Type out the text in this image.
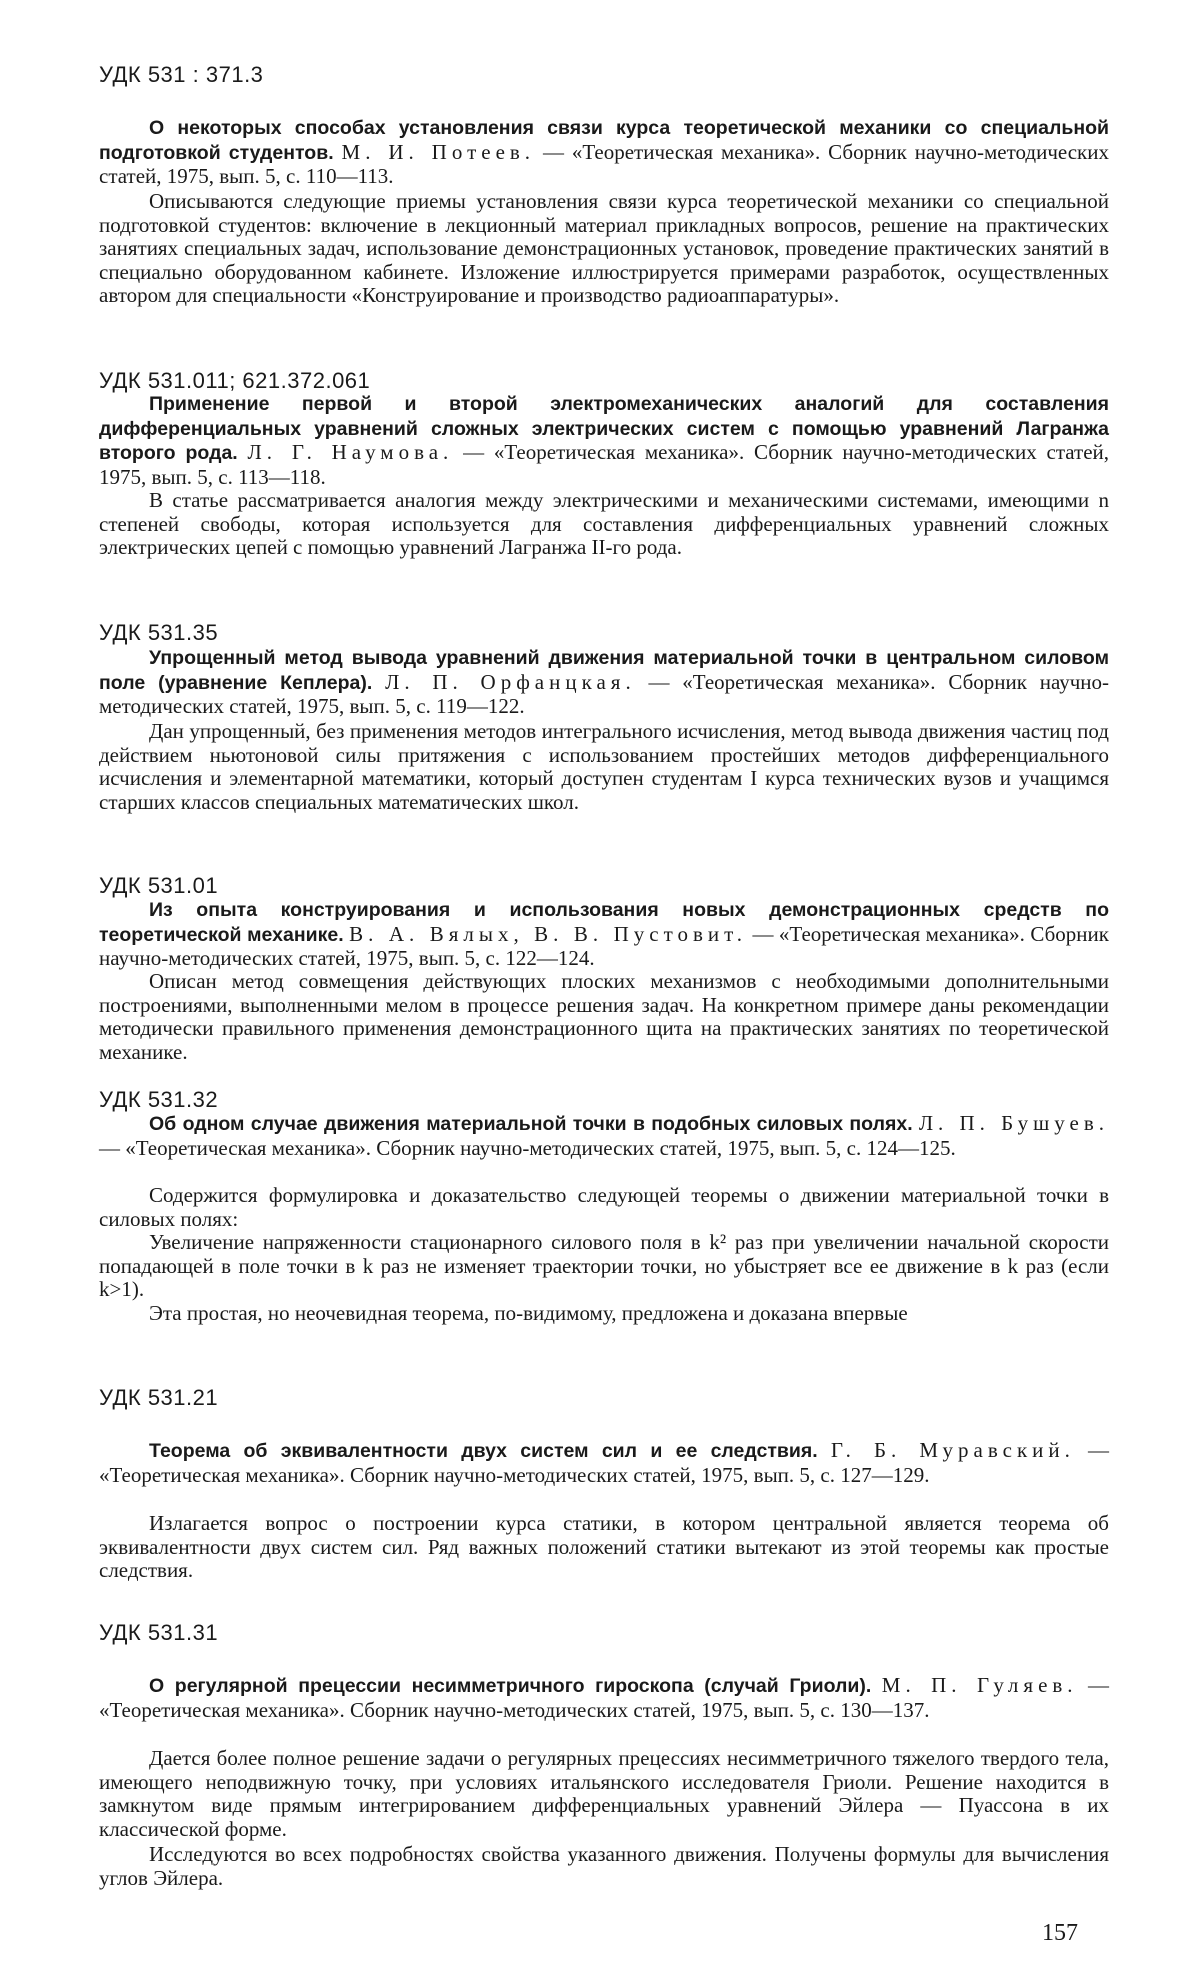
УДК 531 : 371.3
О некоторых способах установления связи курса теоретической механики со специальной подготовкой студентов. М. И. Потеев. — «Теоретическая механика». Сборник научно-методических статей, 1975, вып. 5, с. 110—113.
Описываются следующие приемы установления связи курса теоретической механики со специальной подготовкой студентов: включение в лекционный материал прикладных вопросов, решение на практических занятиях специальных задач, использование демонстрационных установок, проведение практических занятий в специально оборудованном кабинете. Изложение иллюстрируется примерами разработок, осуществленных автором для специальности «Конструирование и производство радиоаппаратуры».
УДК 531.011; 621.372.061
Применение первой и второй электромеханических аналогий для составления дифференциальных уравнений сложных электрических систем с помощью уравнений Лагранжа второго рода. Л. Г. Наумова. — «Теоретическая механика». Сборник научно-методических статей, 1975, вып. 5, с. 113—118.
В статье рассматривается аналогия между электрическими и механическими системами, имеющими n степеней свободы, которая используется для составления дифференциальных уравнений сложных электрических цепей с помощью уравнений Лагранжа II-го рода.
УДК 531.35
Упрощенный метод вывода уравнений движения материальной точки в центральном силовом поле (уравнение Кеплера). Л. П. Орфанцкая. — «Теоретическая механика». Сборник научно-методических статей, 1975, вып. 5, с. 119—122.
Дан упрощенный, без применения методов интегрального исчисления, метод вывода движения частиц под действием ньютоновой силы притяжения с использованием простейших методов дифференциального исчисления и элементарной математики, который доступен студентам I курса технических вузов и учащимся старших классов специальных математических школ.
УДК 531.01
Из опыта конструирования и использования новых демонстрационных средств по теоретической механике. В. А. Вялых, В. В. Пустовит. — «Теоретическая механика». Сборник научно-методических статей, 1975, вып. 5, с. 122—124.
Описан метод совмещения действующих плоских механизмов с необходимыми дополнительными построениями, выполненными мелом в процессе решения задач. На конкретном примере даны рекомендации методически правильного применения демонстрационного щита на практических занятиях по теоретической механике.
УДК 531.32
Об одном случае движения материальной точки в подобных силовых полях. Л. П. Бушуев. — «Теоретическая механика». Сборник научно-методических статей, 1975, вып. 5, с. 124—125.
Содержится формулировка и доказательство следующей теоремы о движении материальной точки в силовых полях:
Увеличение напряженности стационарного силового поля в k² раз при увеличении начальной скорости попадающей в поле точки в k раз не изменяет траектории точки, но убыстряет все ее движение в k раз (если k>1).
Эта простая, но неочевидная теорема, по-видимому, предложена и доказана впервые
УДК 531.21
Теорема об эквивалентности двух систем сил и ее следствия. Г. Б. Муравский. — «Теоретическая механика». Сборник научно-методических статей, 1975, вып. 5, с. 127—129.
Излагается вопрос о построении курса статики, в котором центральной является теорема об эквивалентности двух систем сил. Ряд важных положений статики вытекают из этой теоремы как простые следствия.
УДК 531.31
О регулярной прецессии несимметричного гироскопа (случай Гриоли). М. П. Гуляев. — «Теоретическая механика». Сборник научно-методических статей, 1975, вып. 5, с. 130—137.
Дается более полное решение задачи о регулярных прецессиях несимметричного тяжелого твердого тела, имеющего неподвижную точку, при условиях итальянского исследователя Гриоли. Решение находится в замкнутом виде прямым интегрированием дифференциальных уравнений Эйлера — Пуассона в их классической форме.
Исследуются во всех подробностях свойства указанного движения. Получены формулы для вычисления углов Эйлера.
157
